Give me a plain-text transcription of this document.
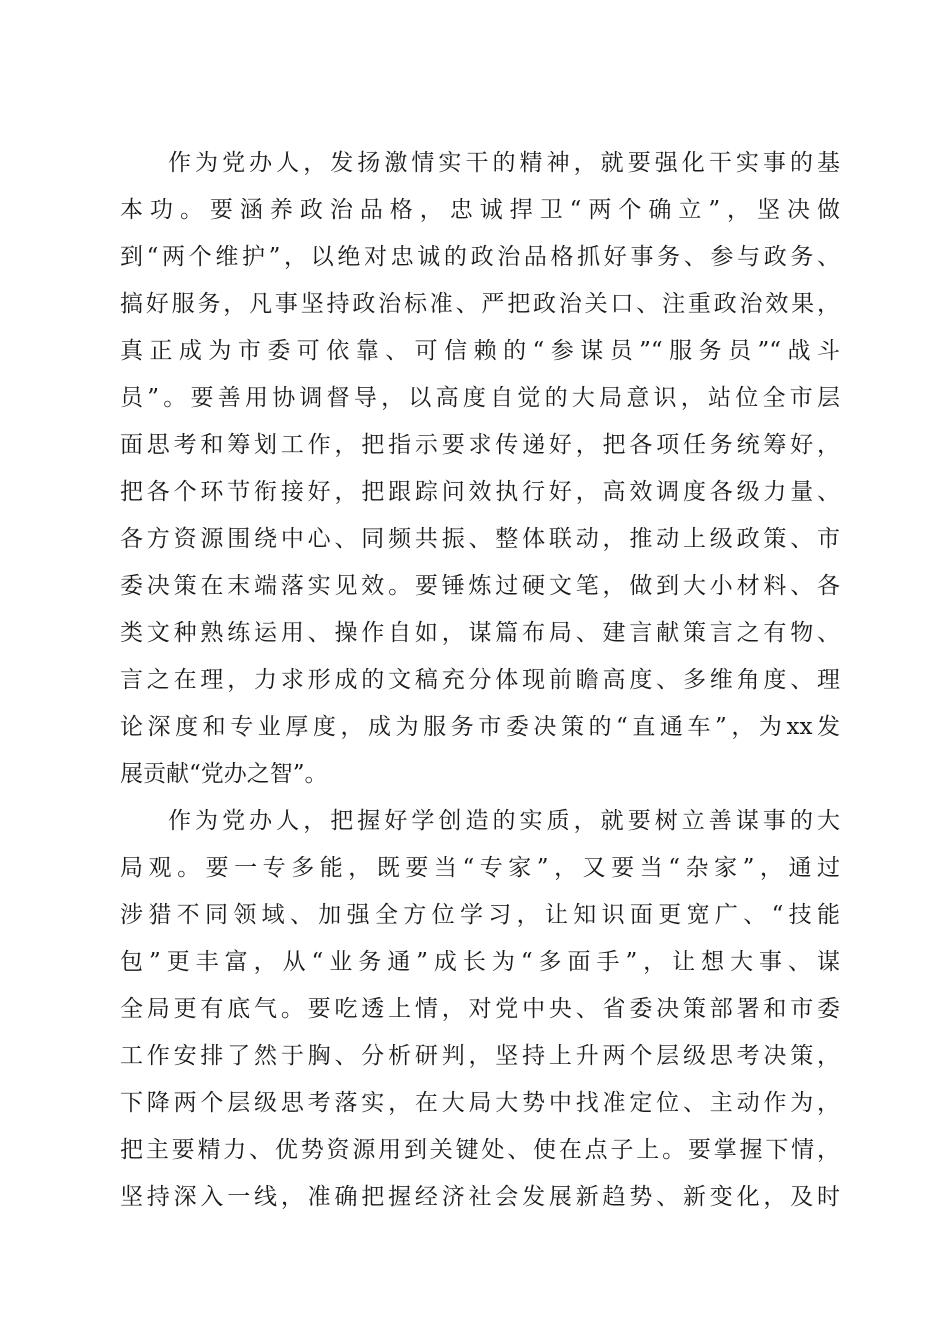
作为党办人，发扬激情实干的精神，就要强化干实事的基
本功。要涵养政治品格，忠诚捍卫“两个确立”，坚决做
到“两个维护”，以绝对忠诚的政治品格抓好事务、参与政务、
搞好服务，凡事坚持政治标准、严把政治关口、注重政治效果，
真正成为市委可依靠、可信赖的“参谋员”“服务员”“战斗
员”。要善用协调督导，以高度自觉的大局意识，站位全市层
面思考和筹划工作，把指示要求传递好，把各项任务统筹好，
把各个环节衔接好，把跟踪问效执行好，高效调度各级力量、
各方资源围绕中心、同频共振、整体联动，推动上级政策、市
委决策在末端落实见效。要锤炼过硬文笔，做到大小材料、各
类文种熟练运用、操作自如，谋篇布局、建言献策言之有物、
言之在理，力求形成的文稿充分体现前瞻高度、多维角度、理
论深度和专业厚度，成为服务市委决策的“直通车”，为xx发
展贡献“党办之智”。
作为党办人，把握好学创造的实质，就要树立善谋事的大
局观。要一专多能，既要当“专家”，又要当“杂家”，通过
涉猎不同领域、加强全方位学习，让知识面更宽广、“技能
包”更丰富，从“业务通”成长为“多面手”，让想大事、谋
全局更有底气。要吃透上情，对党中央、省委决策部署和市委
工作安排了然于胸、分析研判，坚持上升两个层级思考决策，
下降两个层级思考落实，在大局大势中找准定位、主动作为，
把主要精力、优势资源用到关键处、使在点子上。要掌握下情，
坚持深入一线，准确把握经济社会发展新趋势、新变化，及时
